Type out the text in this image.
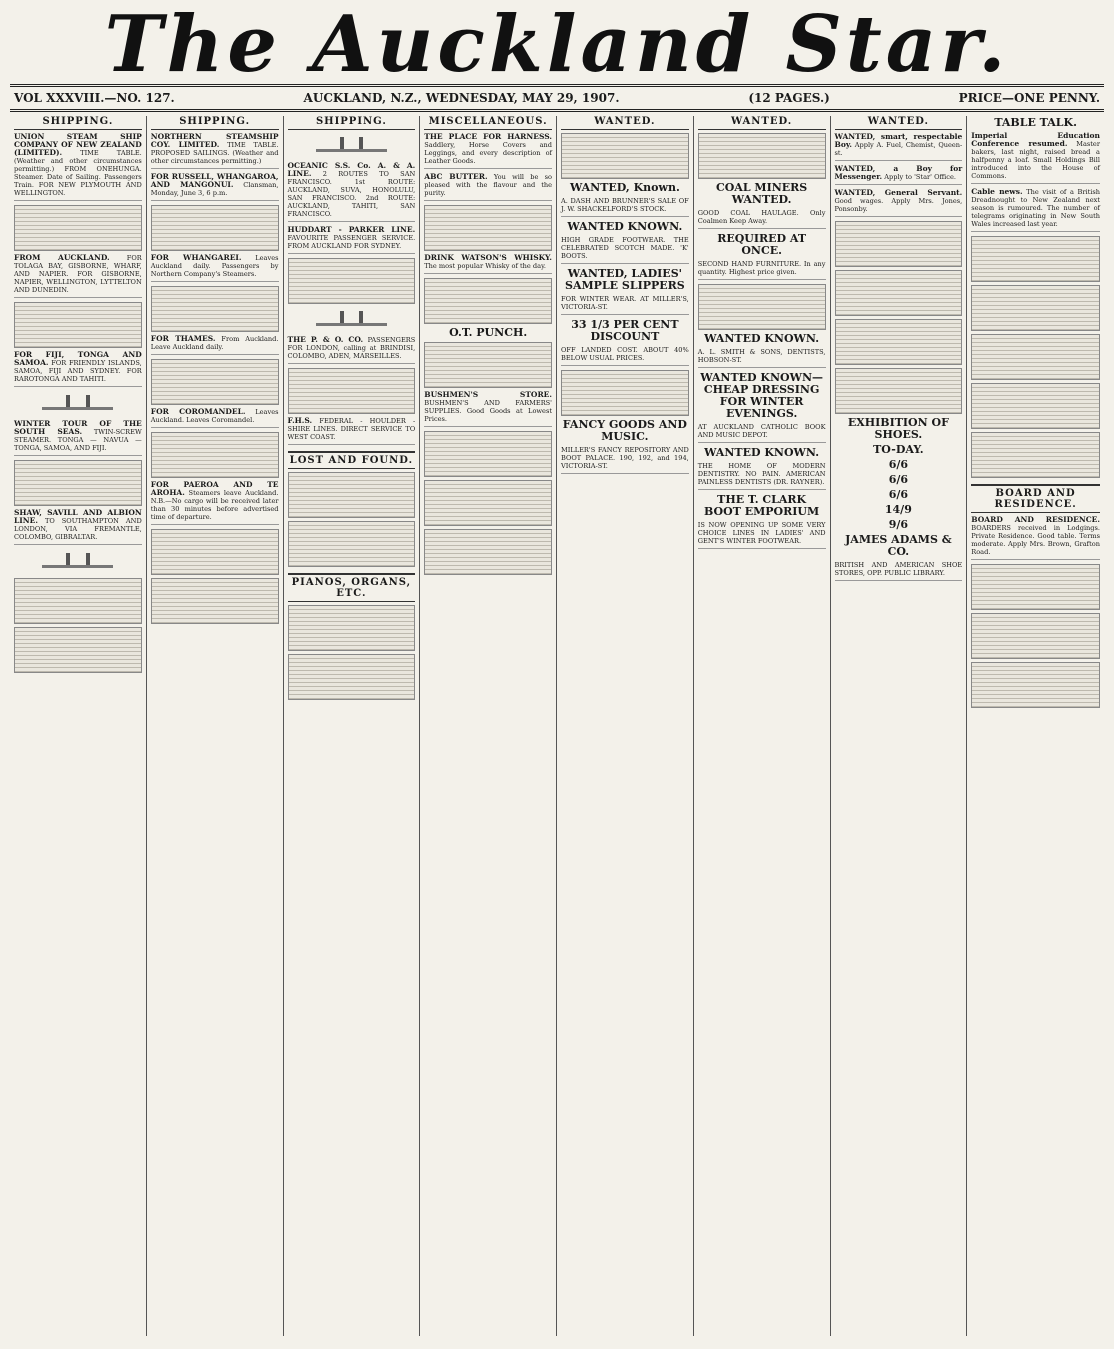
The Auckland Star.
VOL XXXVIII.—NO. 127.	AUCKLAND, N.Z., WEDNESDAY, MAY 29, 1907.	(12 PAGES.)	PRICE—ONE PENNY.
SHIPPING.
UNION STEAM SHIP COMPANY OF NEW ZEALAND (LIMITED).	TIME TABLE. (Weather and other circumstances permitting.) FROM ONEHUNGA. Steamer. Date of Sailing. Passengers Train. FOR NEW PLYMOUTH AND WELLINGTON.
FROM AUCKLAND.	FOR TOLAGA BAY, GISBORNE, WHARF, AND NAPIER. FOR GISBORNE, NAPIER, WELLINGTON, LYTTELTON AND DUNEDIN.
FOR FIJI, TONGA AND SAMOA. FOR FRIENDLY ISLANDS, SAMOA, FIJI AND SYDNEY. FOR RAROTONGA AND TAHITI.
WINTER TOUR OF THE SOUTH SEAS. TWIN-SCREW STEAMER. TONGA — NAVUA — TONGA, SAMOA, AND FIJI.
SHAW, SAVILL AND ALBION LINE. TO SOUTHAMPTON AND LONDON, VIA FREMANTLE, COLOMBO, GIBRALTAR.
SHIPPING.
NORTHERN STEAMSHIP COY. LIMITED. TIME TABLE. PROPOSED SAILINGS. (Weather and other circumstances permitting.)
FOR RUSSELL, WHANGAROA, AND MANGONUI. Clansman, Monday, June 3, 6 p.m.
FOR WHANGAREI. Leaves Auckland daily. Passengers by Northern Company's Steamers.
FOR THAMES. From Auckland. Leave Auckland daily.
FOR COROMANDEL. Leaves Auckland. Leaves Coromandel.
FOR PAEROA AND TE AROHA. Steamers leave Auckland. N.B.—No cargo will be received later than 30 minutes before advertised time of departure.
SHIPPING.
OCEANIC S.S. Co. A. & A. LINE. 2 ROUTES TO SAN FRANCISCO. 1st ROUTE: AUCKLAND, SUVA, HONOLULU, SAN FRANCISCO. 2nd ROUTE: AUCKLAND, TAHITI, SAN FRANCISCO.
HUDDART - PARKER LINE. FAVOURITE PASSENGER SERVICE. FROM AUCKLAND FOR SYDNEY.
THE P. & O. CO. PASSENGERS FOR LONDON, calling at BRINDISI, COLOMBO, ADEN, MARSEILLES.
F.H.S. FEDERAL - HOULDER - SHIRE LINES. DIRECT SERVICE TO WEST COAST.
LOST AND FOUND.
PIANOS, ORGANS, ETC.
MISCELLANEOUS.
THE PLACE FOR HARNESS. Saddlery, Horse Covers and Leggings, and every description of Leather Goods.
ABC BUTTER. You will be so pleased with the flavour and the purity.
DRINK WATSON'S WHISKY. The most popular Whisky of the day.
O.T. PUNCH.
BUSHMEN'S STORE. BUSHMEN'S AND FARMERS' SUPPLIES. Good Goods at Lowest Prices.
WANTED.
WANTED, Known.
A. DASH AND BRUNNER'S SALE OF J. W. SHACKELFORD'S STOCK.
WANTED KNOWN.
HIGH GRADE FOOTWEAR. THE CELEBRATED SCOTCH MADE. 'K' BOOTS.
WANTED, LADIES' SAMPLE SLIPPERS
FOR WINTER WEAR. AT MILLER'S, VICTORIA-ST.
33 1/3 PER CENT DISCOUNT
OFF LANDED COST. ABOUT 40% BELOW USUAL PRICES.
FANCY GOODS AND MUSIC.
MILLER'S FANCY REPOSITORY AND BOOT PALACE. 190, 192, and 194, VICTORIA-ST.
WANTED.
COAL MINERS WANTED.
GOOD COAL HAULAGE. Only Coalmen Keep Away.
REQUIRED AT ONCE.
SECOND HAND FURNITURE. In any quantity. Highest price given.
WANTED KNOWN.
A. L. SMITH & SONS, DENTISTS, HOBSON-ST.
WANTED KNOWN—CHEAP DRESSING FOR WINTER EVENINGS.
AT AUCKLAND CATHOLIC BOOK AND MUSIC DEPOT.
WANTED KNOWN.
THE HOME OF MODERN DENTISTRY. NO PAIN. AMERICAN PAINLESS DENTISTS (DR. RAYNER).
THE T. CLARK BOOT EMPORIUM
IS NOW OPENING UP SOME VERY CHOICE LINES IN LADIES' AND GENT'S WINTER FOOTWEAR.
WANTED.
WANTED, smart, respectable Boy. Apply A. Fuel, Chemist, Queen-st.
WANTED, a Boy for Messenger. Apply to 'Star' Office.
WANTED, General Servant. Good wages. Apply Mrs. Jones, Ponsonby.
EXHIBITION OF SHOES.
TO-DAY.
6/6
6/6
6/6
14/9
9/6
JAMES ADAMS & CO.
BRITISH AND AMERICAN SHOE STORES, OPP. PUBLIC LIBRARY.
TABLE TALK.
Imperial Education Conference resumed. Master bakers, last night, raised bread a halfpenny a loaf. Small Holdings Bill introduced into the House of Commons.
Cable news. The visit of a British Dreadnought to New Zealand next season is rumoured. The number of telegrams originating in New South Wales increased last year.
BOARD AND RESIDENCE.
BOARD AND RESIDENCE. BOARDERS received in Lodgings. Private Residence. Good table. Terms moderate. Apply Mrs. Brown, Grafton Road.
